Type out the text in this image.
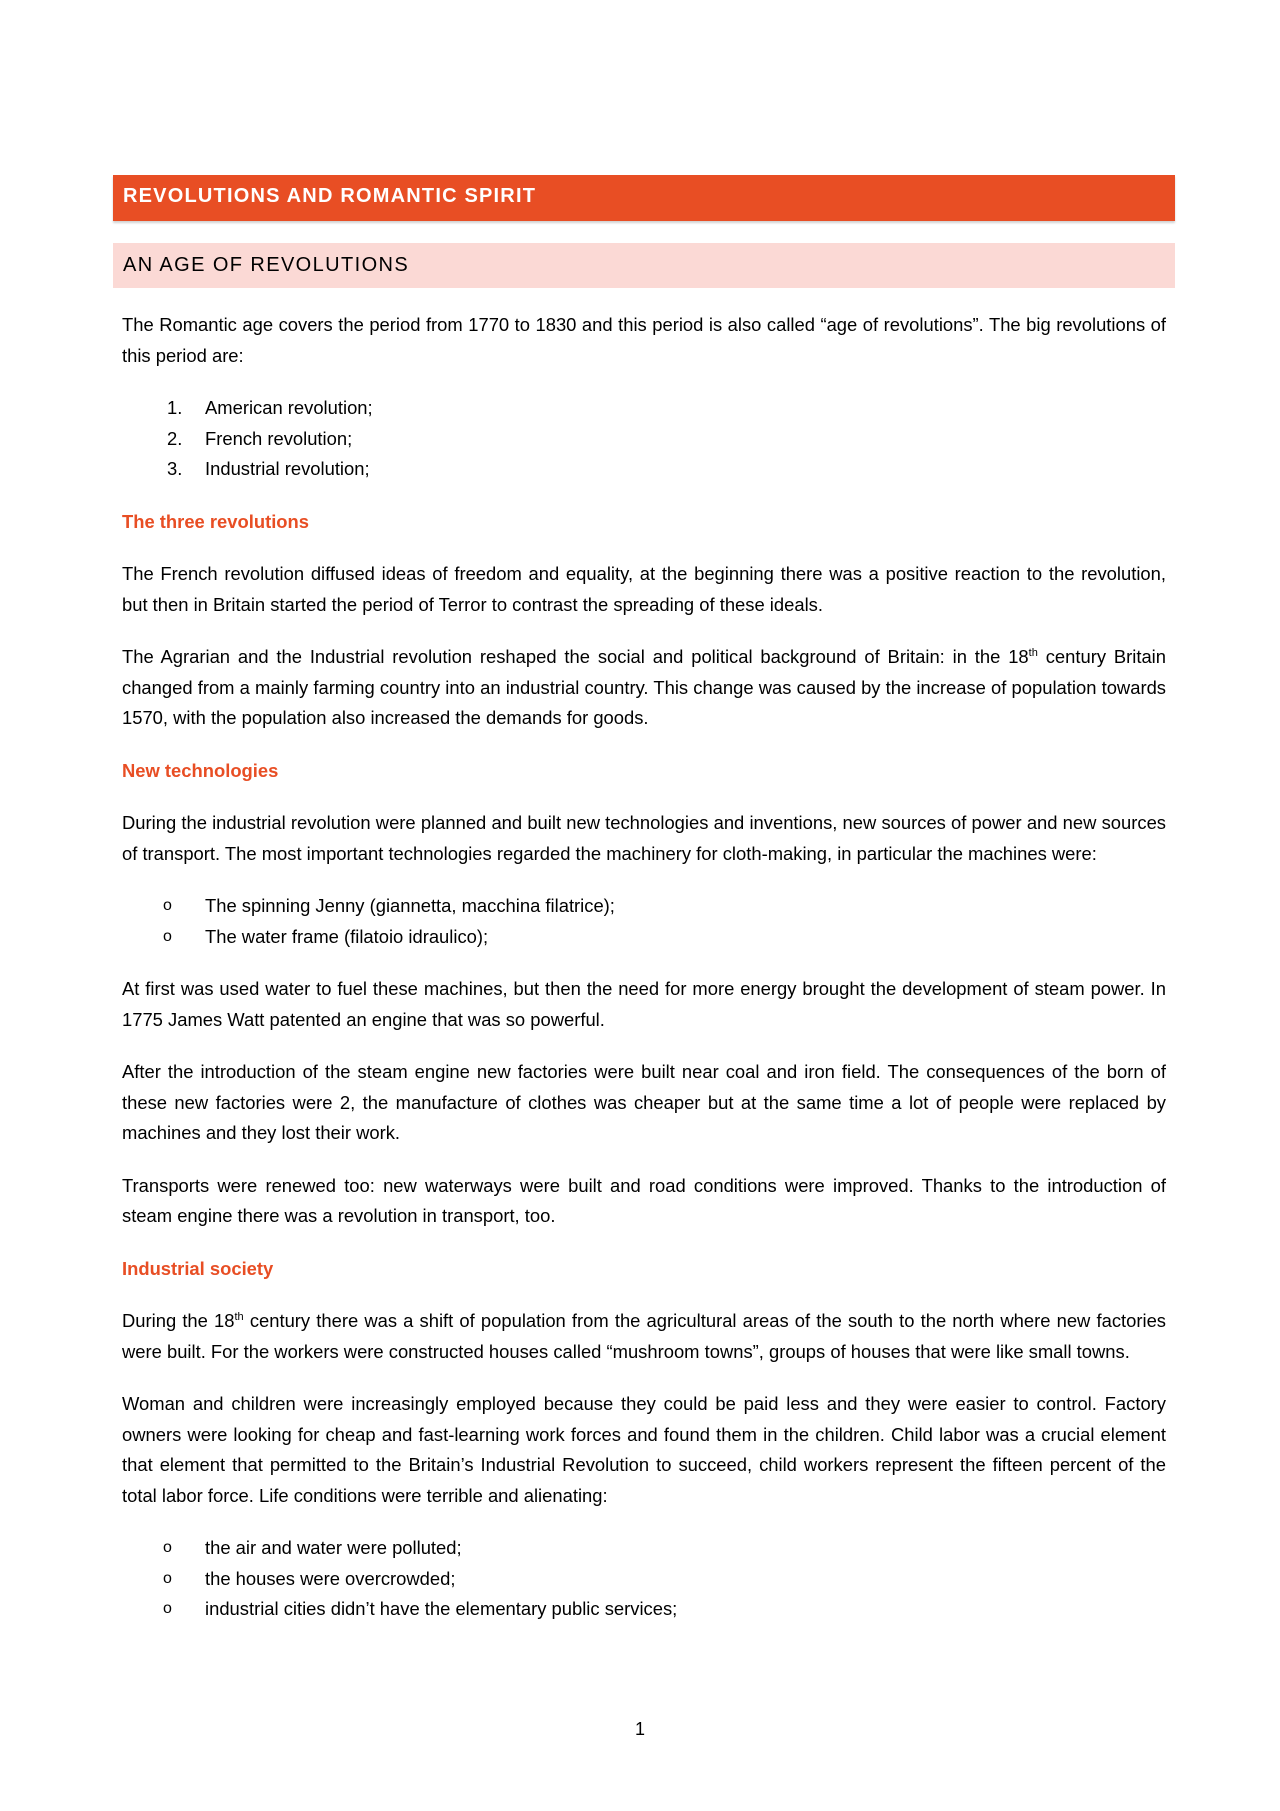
REVOLUTIONS AND ROMANTIC SPIRIT
AN AGE OF REVOLUTIONS

The Romantic age covers the period from 1770 to 1830 and this period is also called “age of revolutions”. The big revolutions of this period are:

1. American revolution;
2. French revolution;
3. Industrial revolution;
The three revolutions

The French revolution diffused ideas of freedom and equality, at the beginning there was a positive reaction to the revolution, but then in Britain started the period of Terror to contrast the spreading of these ideals.

The Agrarian and the Industrial revolution reshaped the social and political background of Britain: in the 18th century Britain changed from a mainly farming country into an industrial country. This change was caused by the increase of population towards 1570, with the population also increased the demands for goods.

New technologies

During the industrial revolution were planned and built new technologies and inventions, new sources of power and new sources of transport. The most important technologies regarded the machinery for cloth-making, in particular the machines were:

o The spinning Jenny (giannetta, macchina filatrice);
o The water frame (filatoio idraulico);

At first was used water to fuel these machines, but then the need for more energy brought the development of steam power. In 1775 James Watt patented an engine that was so powerful.

After the introduction of the steam engine new factories were built near coal and iron field. The consequences of the born of these new factories were 2, the manufacture of clothes was cheaper but at the same time a lot of people were replaced by machines and they lost their work.

Transports were renewed too: new waterways were built and road conditions were improved. Thanks to the introduction of steam engine there was a revolution in transport, too.

Industrial society

During the 18th century there was a shift of population from the agricultural areas of the south to the north where new factories were built. For the workers were constructed houses called “mushroom towns”, groups of houses that were like small towns.

Woman and children were increasingly employed because they could be paid less and they were easier to control. Factory owners were looking for cheap and fast-learning work forces and found them in the children. Child labor was a crucial element that element that permitted to the Britain’s Industrial Revolution to succeed, child workers represent the fifteen percent of the total labor force. Life conditions were terrible and alienating:

o the air and water were polluted;
o the houses were overcrowded;
o industrial cities didn’t have the elementary public services;
1
